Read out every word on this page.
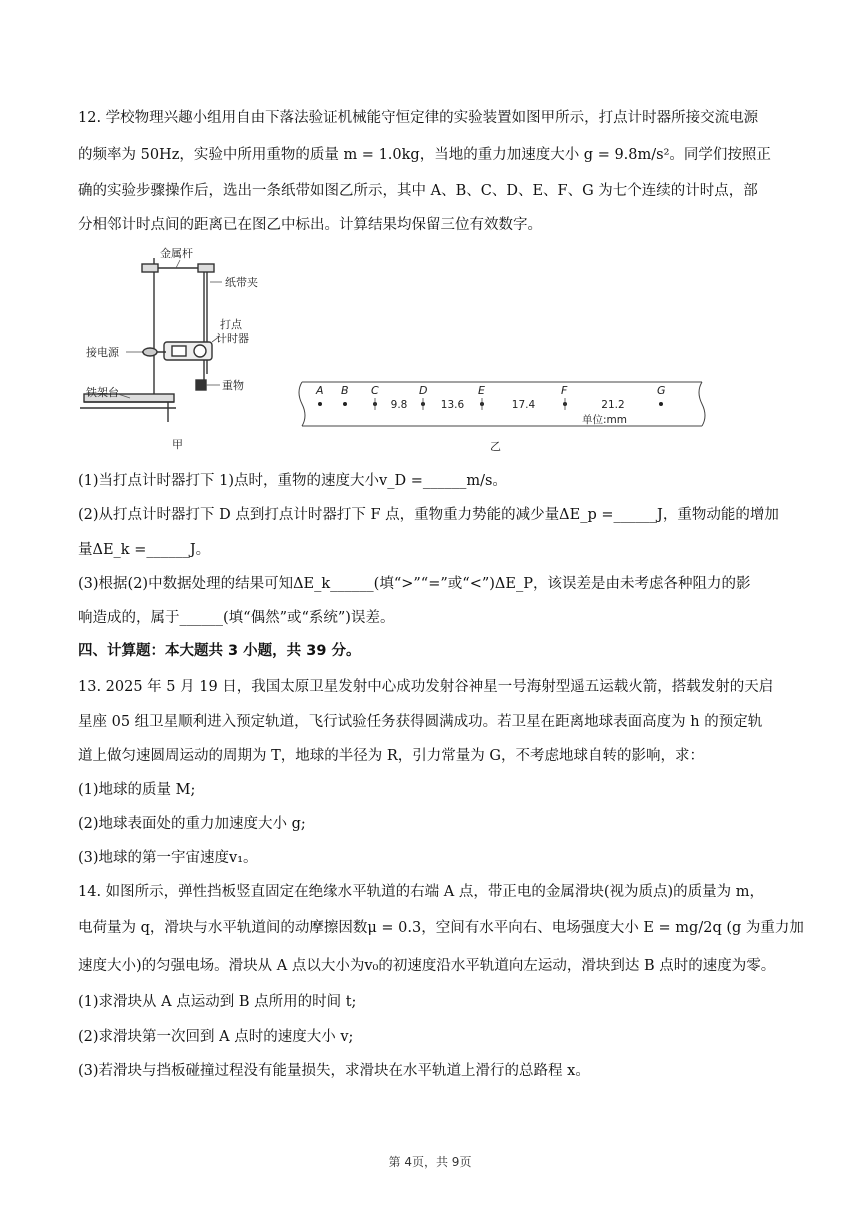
12. 学校物理兴趣小组用自由下落法验证机械能守恒定律的实验装置如图甲所示，打点计时器所接交流电源
的频率为 50Hz，实验中所用重物的质量 m = 1.0kg，当地的重力加速度大小 g = 9.8m/s²。同学们按照正
确的实验步骤操作后，选出一条纸带如图乙所示，其中 A、B、C、D、E、F、G 为七个连续的计时点，部
分相邻计时点间的距离已在图乙中标出。计算结果均保留三位有效数字。
金属杆
纸带夹
打点
计时器
接电源
重物
铁架台
甲
A B C	D	E	F	G
9.8	13.6	17.4	21.2
单位:mm
乙
(1)当打点计时器打下 1)点时，重物的速度大小v_D =______m/s。
(2)从打点计时器打下 D 点到打点计时器打下 F 点，重物重力势能的减少量ΔE_p =______J，重物动能的增加
量ΔE_k =______J。
(3)根据(2)中数据处理的结果可知ΔE_k______(填“>”“=”或“<”)ΔE_P，该误差是由未考虑各种阻力的影
响造成的，属于______(填“偶然”或“系统”)误差。
四、计算题：本大题共 3 小题，共 39 分。
13. 2025 年 5 月 19 日，我国太原卫星发射中心成功发射谷神星一号海射型遥五运载火箭，搭载发射的天启
星座 05 组卫星顺利进入预定轨道，飞行试验任务获得圆满成功。若卫星在距离地球表面高度为 h 的预定轨
道上做匀速圆周运动的周期为 T，地球的半径为 R，引力常量为 G，不考虑地球自转的影响，求：
(1)地球的质量 M;
(2)地球表面处的重力加速度大小 g;
(3)地球的第一宇宙速度v₁。
14. 如图所示，弹性挡板竖直固定在绝缘水平轨道的右端 A 点，带正电的金属滑块(视为质点)的质量为 m，
电荷量为 q，滑块与水平轨道间的动摩擦因数μ = 0.3，空间有水平向右、电场强度大小 E = mg/2q (g 为重力加
速度大小)的匀强电场。滑块从 A 点以大小为v₀的初速度沿水平轨道向左运动，滑块到达 B 点时的速度为零。
(1)求滑块从 A 点运动到 B 点所用的时间 t;
(2)求滑块第一次回到 A 点时的速度大小 v;
(3)若滑块与挡板碰撞过程没有能量损失，求滑块在水平轨道上滑行的总路程 x。
第 4页，共 9页
